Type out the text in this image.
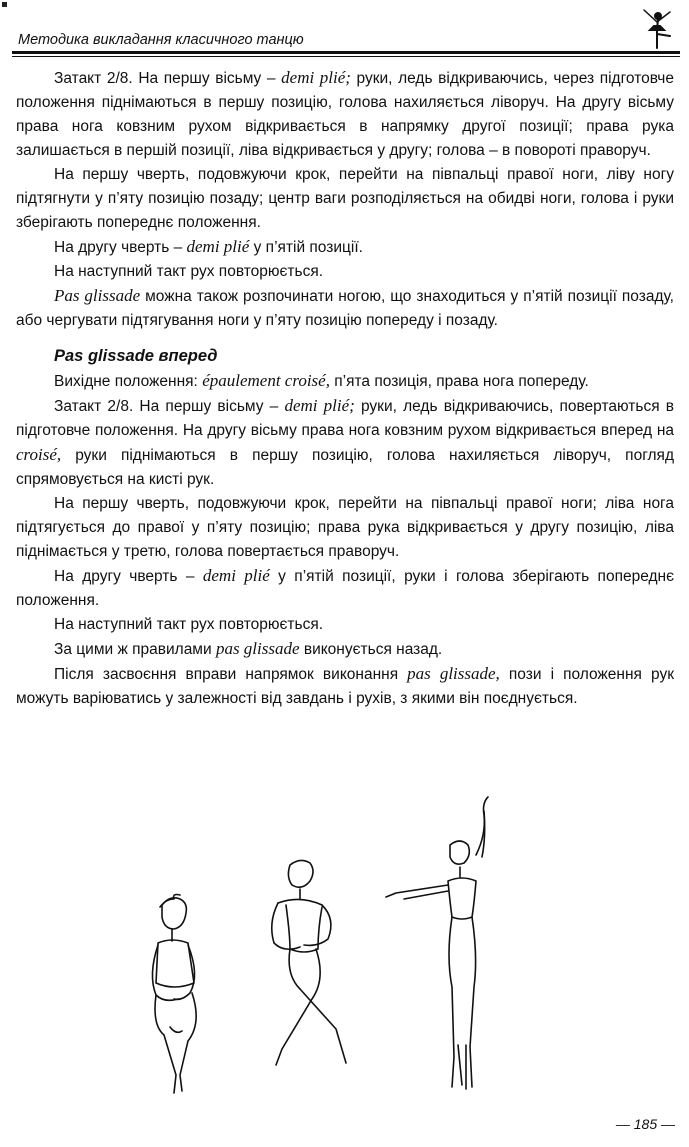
Методика викладання класичного танцю

Затакт 2/8. На першу вісьму – demi plié; руки, ледь відкриваючись, через підготовче положення піднімаються в першу позицію, голова нахиляється ліворуч. На другу вісьму права нога ковзним рухом відкривається в напрямку другої позиції; права рука залишається в першій позиції, ліва відкривається у другу; голова – в повороті праворуч.

На першу чверть, подовжуючи крок, перейти на півпальці правої ноги, ліву ногу підтягнути у п’яту позицію позаду; центр ваги розподіляється на обидві ноги, голова і руки зберігають попереднє положення.

На другу чверть – demi plié у п’ятій позиції.

На наступний такт рух повторюється.

Pas glissade можна також розпочинати ногою, що знаходиться у п’ятій позиції позаду, або чергувати підтягування ноги у п’яту позицію попереду і позаду.

Pas glissade вперед

Вихідне положення: épaulement croisé, п’ята позиція, права нога попереду.

Затакт 2/8. На першу вісьму – demi plié; руки, ледь відкриваючись, повертаються в підготовче положення. На другу вісьму права нога ковзним рухом відкривається вперед на croisé, руки піднімаються в першу позицію, голова нахиляється ліворуч, погляд спрямовується на кисті рук.

На першу чверть, подовжуючи крок, перейти на півпальці правої ноги; ліва нога підтягується до правої у п’яту позицію; права рука відкривається у другу позицію, ліва піднімається у третю, голова повертається праворуч.

На другу чверть – demi plié у п’ятій позиції, руки і голова зберігають попереднє положення.

На наступний такт рух повторюється.

За цими ж правилами pas glissade виконується назад.

Після засвоєння вправи напрямок виконання pas glissade, пози і положення рук можуть варіюватись у залежності від завдань і рухів, з якими він поєднується.

— 185 —
